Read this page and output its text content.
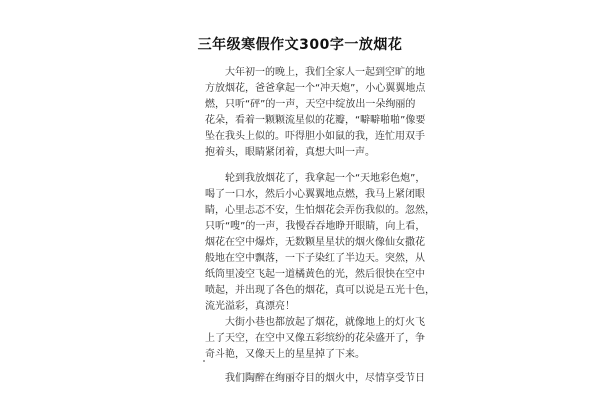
三年级寒假作文300字一放烟花
　　大年初一的晚上，我们全家人一起到空旷的地
方放烟花，爸爸拿起一个“冲天炮”，小心翼翼地点
燃，只听“砰”的一声，天空中绽放出一朵绚丽的
花朵，看着一颗颗流星似的花瓣，“噼噼啪啪”像要
坠在我头上似的。吓得胆小如鼠的我，连忙用双手
抱着头，眼睛紧闭着，真想大叫一声。
　　轮到我放烟花了，我拿起一个“天地彩色炮”，
喝了一口水，然后小心翼翼地点燃，我马上紧闭眼
睛，心里忐忑不安，生怕烟花会弄伤我似的。忽然，
只听“嗖”的一声，我慢吞吞地睁开眼睛，向上看，
烟花在空中爆炸，无数颗星星状的烟火像仙女撒花
般地在空中飘落，一下子染红了半边天。突然，从
纸筒里凌空飞起一道橘黄色的光，然后很快在空中
喷起，并出现了各色的烟花，真可以说是五光十色，
流光溢彩，真漂亮！
　　大街小巷也都放起了烟花，就像地上的灯火飞
上了天空，在空中又像五彩缤纷的花朵盛开了，争
奇斗艳，又像天上的星星掉了下来。
　　我们陶醉在绚丽夺目的烟火中，尽情享受节日
